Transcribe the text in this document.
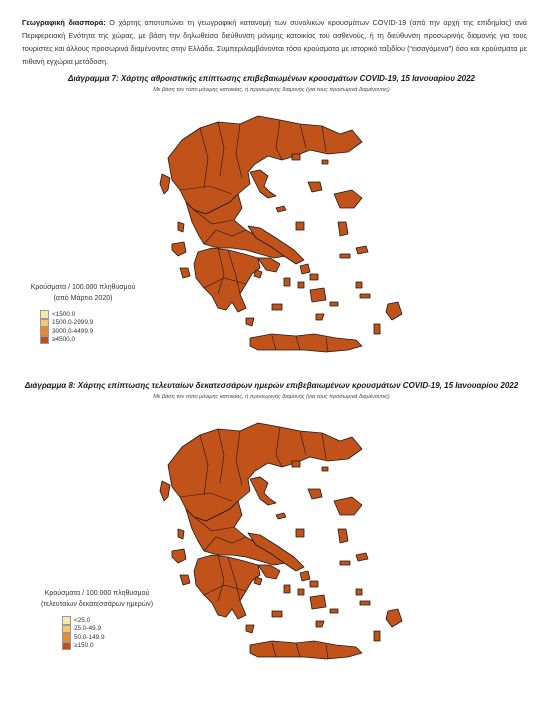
Γεωγραφική διασπορά: Ο χάρτης αποτυπώνει τη γεωγραφική κατανομή των συνολικών κρουσμάτων COVID-19 (από την αρχή της επιδημίας) ανά Περιφερειακή Ενότητα της χώρας, με βάση την δηλωθείσα διεύθυνση μόνιμης κατοικίας του ασθενούς, ή τη διεύθυνση προσωρινής διαμονής για τους τουρίστες και άλλους προσωρινά διαμένοντες στην Ελλάδα. Συμπεριλαμβάνονται τόσο κρούσματα με ιστορικό ταξιδίου (“εισαγόμενα”) όσο και κρούσματα με πιθανή εγχώρια μετάδοση.
Διάγραμμα 7: Χάρτης αθροιστικής επίπτωσης επιβεβαιωμένων κρουσμάτων COVID-19, 15 Ιανουαρίου 2022
Με βάση τον τόπο μόνιμης κατοικίας, ή προσωρινής διαμονής (για τους προσωρινά διαμένοντες)
Κρούσματα / 100.000 πληθυσμού
(από Μάρτιο 2020)
<1500.0
1500.0-2999.9
3000.0-4499.9
≥4500.0
Διάγραμμα 8: Χάρτης επίπτωσης τελευταίων δεκατεσσάρων ημερών επιβεβαιωμένων κρουσμάτων COVID-19, 15 Ιανουαρίου 2022
Με βάση τον τόπο μόνιμης κατοικίας, ή προσωρινής διαμονής (για τους προσωρινά διαμένοντες)
Κρούσματα / 100.000 πληθυσμού
(τελευταίων δεκατεσσάρων ημερών)
<25.0
25.0-49.9
50.0-149.9
≥150.0
